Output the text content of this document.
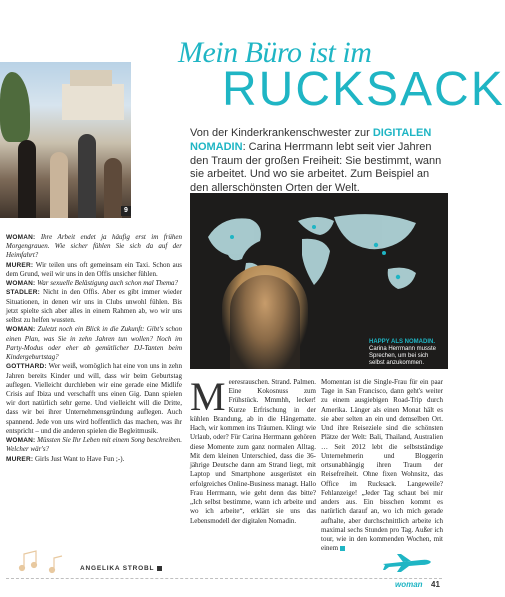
9
HAPPY ALS NOMADIN. Carina Herrmann musste Sprechen, um bei sich selbst anzukommen.
Mein Büro ist im
RUCKSACK
Von der Kinderkrankenschwester zur DIGITALEN NOMADIN: Carina Herrmann lebt seit vier Jahren den Traum der großen Freiheit: Sie bestimmt, wann sie arbeitet. Und wo sie arbeitet. Zum Beispiel an den allerschönsten Orten der Welt.

WOMAN: Ihre Arbeit endet ja häufig erst im frühen Morgengrauen. Wie sicher fühlen Sie sich da auf der Heimfahrt?

MURER: Wir teilen uns oft gemeinsam ein Taxi. Schon aus dem Grund, weil wir uns in den Offis unsicher fühlen.

WOMAN: War sexuelle Belästigung auch schon mal Thema?

STADLER: Nicht in den Offis. Aber es gibt immer wieder Situationen, in denen wir uns in Clubs unwohl fühlen. Bis jetzt spielte sich aber alles in einem Rahmen ab, wo wir uns selbst zu helfen wussten.

WOMAN: Zuletzt noch ein Blick in die Zukunft: Gibt's schon einen Plan, was Sie in zehn Jahren tun wollen? Noch im Party-Modus oder eher ab gemütlicher DJ-Tanten beim Kindergeburtstag?

GOTTHARD: Wer weiß, womöglich hat eine von uns in zehn Jahren bereits Kinder und will, dass wir beim Geburtstag auflegen. Vielleicht durchleben wir eine gerade eine Midlife Crisis auf Ibiza und verschafft uns einen Gig. Dann spielen wir dort natürlich sehr gerne. Und vielleicht will die Dritte, dass wir bei ihrer Unternehmensgründung auflegen. Auch spannend. Jede von uns wird hoffentlich das machen, was ihr entspricht – und die anderen spielen die Begleitmusik.

WOMAN: Müssten Sie Ihr Leben mit einem Song beschreiben. Welcher wär's?

MURER: Girls Just Want to Have Fun ;-).

ANGELIKA STROBL

Meeresrauschen. Strand. Palmen. Eine Kokosnuss zum Frühstück. Mmmhh, lecker! Kurze Erfrischung in der kühlen Brandung, ab in die Hängematte. Hach, wir kommen ins Träumen. Klingt wie Urlaub, oder? Für Carina Herrmann gehören diese Momente zum ganz normalen Alltag. Mit dem kleinen Unterschied, dass die 36-jährige Deutsche dann am Strand liegt, mit Laptop und Smartphone ausgerüstet ein erfolgreiches Online-Business managt. Hallo Frau Herrmann, wie geht denn das bitte? „Ich selbst bestimme, wann ich arbeite und wo ich arbeite“, erklärt sie uns das Lebensmodell der digitalen Nomadin.

Momentan ist die Single-Frau für ein paar Tage in San Francisco, dann geht's weiter zu einem ausgiebigen Road-Trip durch Amerika. Länger als einen Monat hält es sie aber selten an ein und demselben Ort. Und ihre Reiseziele sind die schönsten Plätze der Welt: Bali, Thailand, Australien … Seit 2012 lebt die selbstständige Unternehmerin und Bloggerin ortsunabhängig ihren Traum der Reisefreiheit. Ohne fixen Wohnsitz, das Office im Rucksack. Langeweile? Fehlanzeige! „Jeder Tag schaut bei mir anders aus. Ein bisschen kommt es natürlich darauf an, wo ich mich gerade aufhalte, aber durchschnittlich arbeite ich maximal sechs Stunden pro Tag. Außer ich tour, wie in den kommenden Wochen, mit einem

woman 41
